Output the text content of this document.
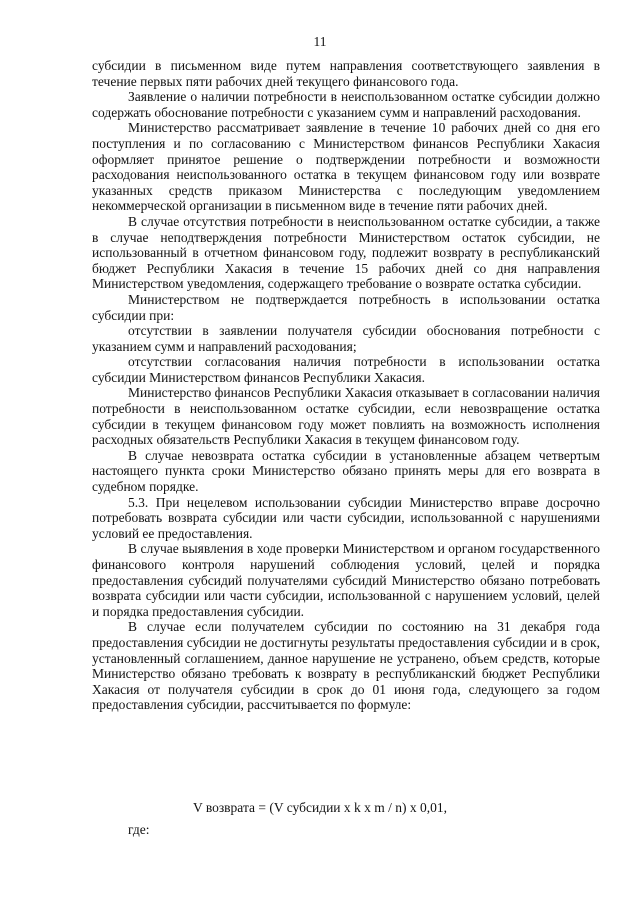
11

субсидии в письменном виде путем направления соответствующего заявления в течение первых пяти рабочих дней текущего финансового года.

Заявление о наличии потребности в неиспользованном остатке субсидии должно содержать обоснование потребности с указанием сумм и направлений расходования.

Министерство рассматривает заявление в течение 10 рабочих дней со дня его поступления и по согласованию с Министерством финансов Республики Хакасия оформляет принятое решение о подтверждении потребности и возможности расходования неиспользованного остатка в текущем финансовом году или возврате указанных средств приказом Министерства с последующим уведомлением некоммерческой организации в письменном виде в течение пяти рабочих дней.

В случае отсутствия потребности в неиспользованном остатке субсидии, а также в случае неподтверждения потребности Министерством остаток субсидии, не использованный в отчетном финансовом году, подлежит возврату в республиканский бюджет Республики Хакасия в течение 15 рабочих дней со дня направления Министерством уведомления, содержащего требование о возврате остатка субсидии.

Министерством не подтверждается потребность в использовании остатка субсидии при:

отсутствии в заявлении получателя субсидии обоснования потребности с указанием сумм и направлений расходования;

отсутствии согласования наличия потребности в использовании остатка субсидии Министерством финансов Республики Хакасия.

Министерство финансов Республики Хакасия отказывает в согласовании наличия потребности в неиспользованном остатке субсидии, если невозвращение остатка субсидии в текущем финансовом году может повлиять на возможность исполнения расходных обязательств Республики Хакасия в текущем финансовом году.

В случае невозврата остатка субсидии в установленные абзацем четвертым настоящего пункта сроки Министерство обязано принять меры для его возврата в судебном порядке.

5.3. При нецелевом использовании субсидии Министерство вправе досрочно потребовать возврата субсидии или части субсидии, использованной с нарушениями условий ее предоставления.

В случае выявления в ходе проверки Министерством и органом государственного финансового контроля нарушений соблюдения условий, целей и порядка предоставления субсидий получателями субсидий Министерство обязано потребовать возврата субсидии или части субсидии, использованной с нарушением условий, целей и порядка предоставления субсидии.

В случае если получателем субсидии по состоянию на 31 декабря года предоставления субсидии не достигнуты результаты предоставления субсидии и в срок, установленный соглашением, данное нарушение не устранено, объем средств, которые Министерство обязано требовать к возврату в республиканский бюджет Республики Хакасия от получателя субсидии в срок до 01 июня года, следующего за годом предоставления субсидии, рассчитывается по формуле:

V возврата = (V субсидии x k x m / n) x 0,01,
где:
